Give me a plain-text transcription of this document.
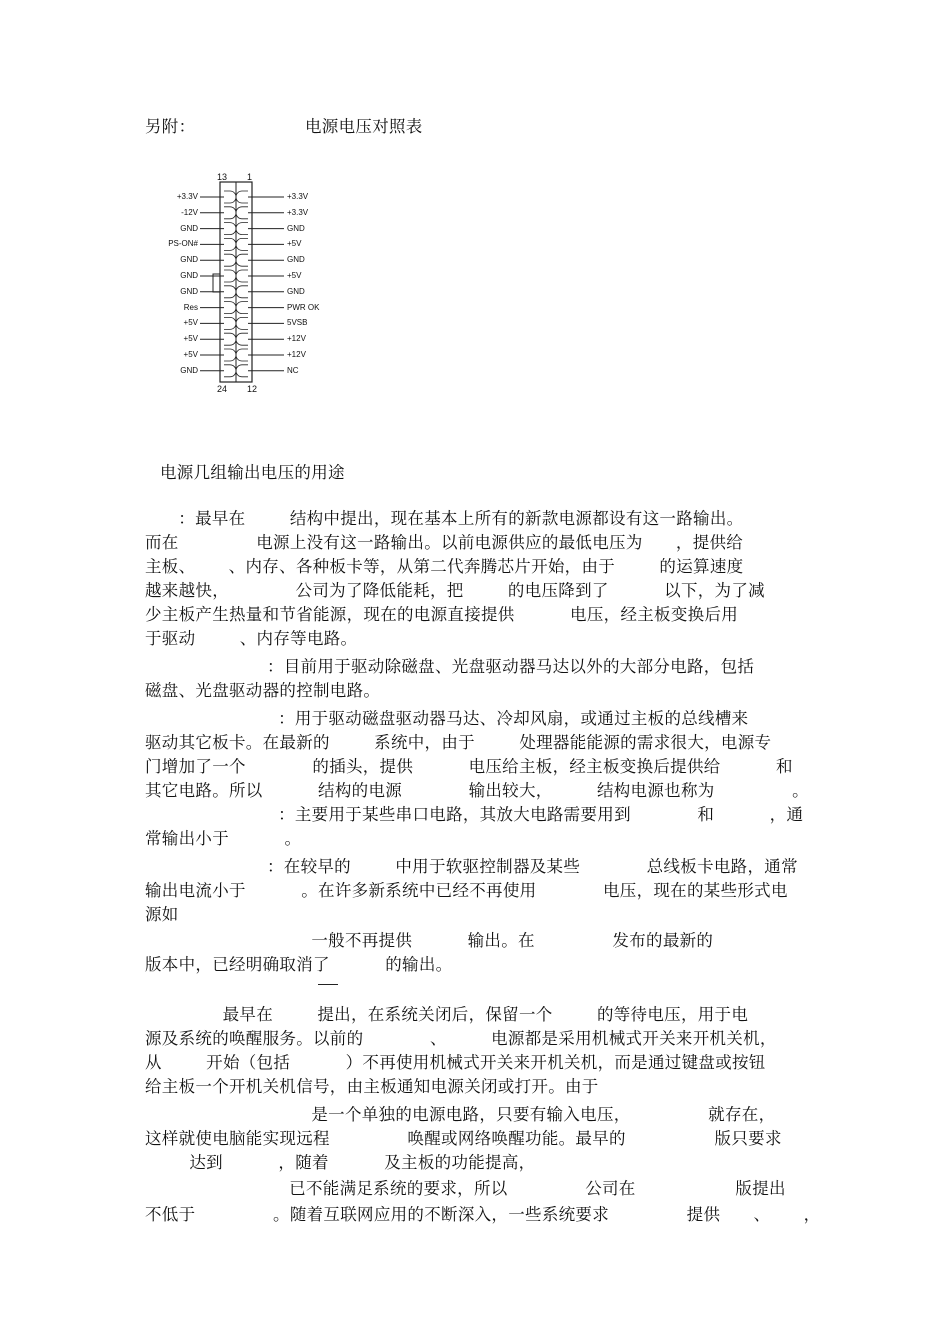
另附：	电源电压对照表
13 1
24 12
+3.3V
-12V
GND
PS-ON#
GND
GND
GND
Res
+5V
+5V
+5V
GND
+3.3V
+3.3V
GND
+5V
GND
+5V
GND
PWR OK
5VSB
+12V
+12V
NC
电源几组输出电压的用途
：最早在        结构中提出，现在基本上所有的新款电源都设有这一路输出。
而在              电源上没有这一路输出。以前电源供应的最低电压为      ，提供给
主板、      、内存、各种板卡等，从第二代奔腾芯片开始，由于        的运算速度
越来越快，            公司为了降低能耗，把        的电压降到了          以下，为了减
少主板产生热量和节省能源，现在的电源直接提供          电压，经主板变换后用
于驱动        、内存等电路。
：目前用于驱动除磁盘、光盘驱动器马达以外的大部分电路，包括
磁盘、光盘驱动器的控制电路。
：用于驱动磁盘驱动器马达、冷却风扇，或通过主板的总线槽来
驱动其它板卡。在最新的        系统中，由于        处理器能能源的需求很大，电源专
门增加了一个            的插头，提供          电压给主板，经主板变换后提供给          和
其它电路。所以          结构的电源            输出较大，        结构电源也称为              。
：主要用于某些串口电路，其放大电路需要用到            和          ，通
常输出小于          。
：在较早的        中用于软驱控制器及某些            总线板卡电路，通常
输出电流小于          。在许多新系统中已经不再使用            电压，现在的某些形式电
源如
一般不再提供          输出。在              发布的最新的
版本中，已经明确取消了          的输出。
最早在        提出，在系统关闭后，保留一个        的等待电压，用于电
源及系统的唤醒服务。以前的            、        电源都是采用机械式开关来开机关机，
从        开始（包括          ）不再使用机械式开关来开机关机，而是通过键盘或按钮
给主板一个开机关机信号，由主板通知电源关闭或打开。由于
是一个单独的电源电路，只要有输入电压，              就存在，
这样就使电脑能实现远程              唤醒或网络唤醒功能。最早的                版只要求
达到          ，随着          及主板的功能提高，
已不能满足系统的要求，所以              公司在                  版提出
不低于              。随着互联网应用的不断深入，一些系统要求              提供      、      ，
